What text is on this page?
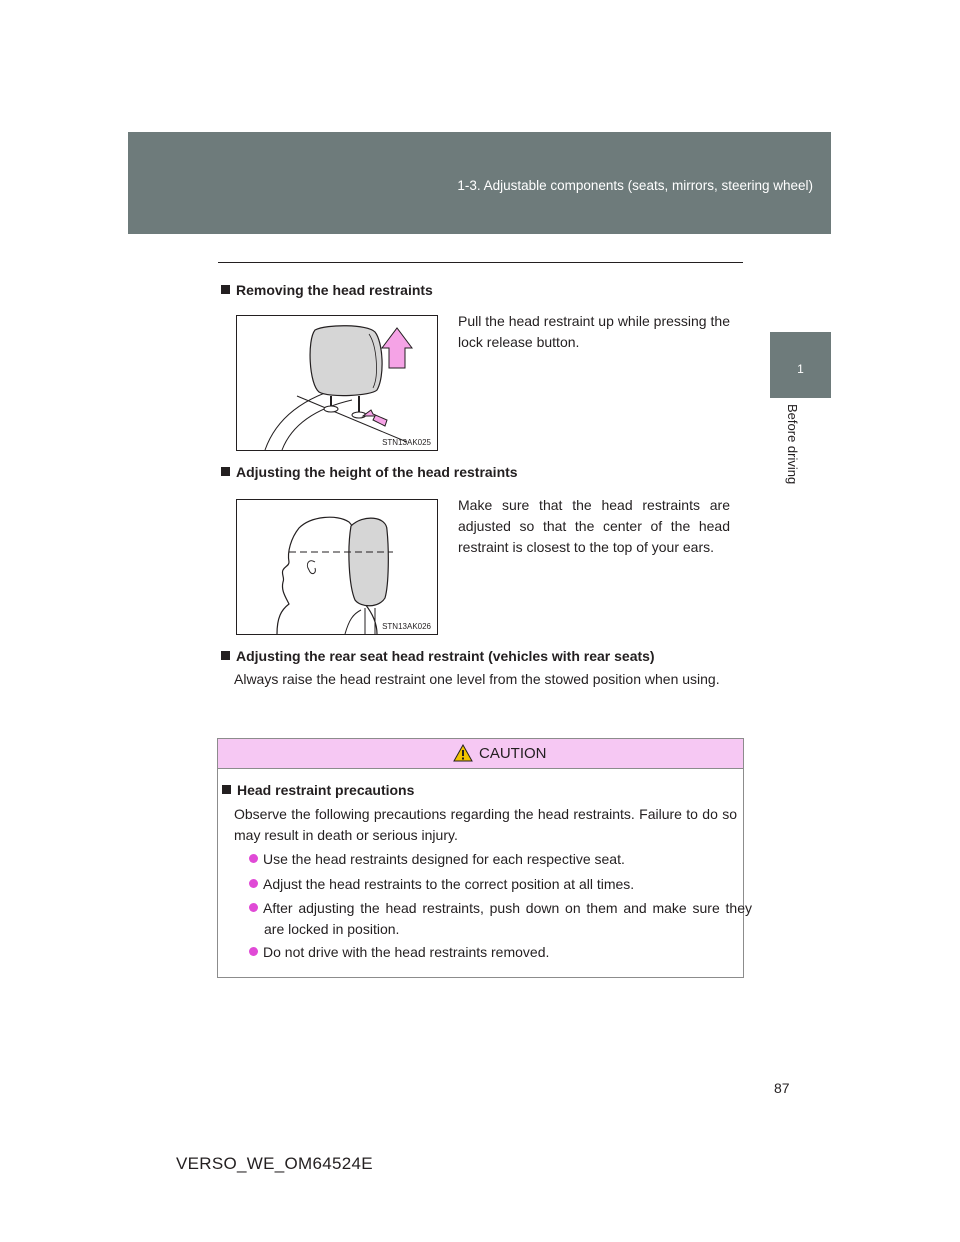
1-3. Adjustable components (seats, mirrors, steering wheel)
1
Before driving
Removing the head restraints
STN13AK025
Pull the head restraint up while pressing the lock release button.
Adjusting the height of the head restraints
STN13AK026
Make sure that the head restraints are adjusted so that the center of the head restraint is closest to the top of your ears.
Adjusting the rear seat head restraint (vehicles with rear seats)
Always raise the head restraint one level from the stowed position when using.
CAUTION
Head restraint precautions
Observe the following precautions regarding the head restraints. Failure to do so may result in death or serious injury.
Use the head restraints designed for each respective seat.
Adjust the head restraints to the correct position at all times.
After adjusting the head restraints, push down on them and make sure they are locked in position.
Do not drive with the head restraints removed.
87
VERSO_WE_OM64524E
